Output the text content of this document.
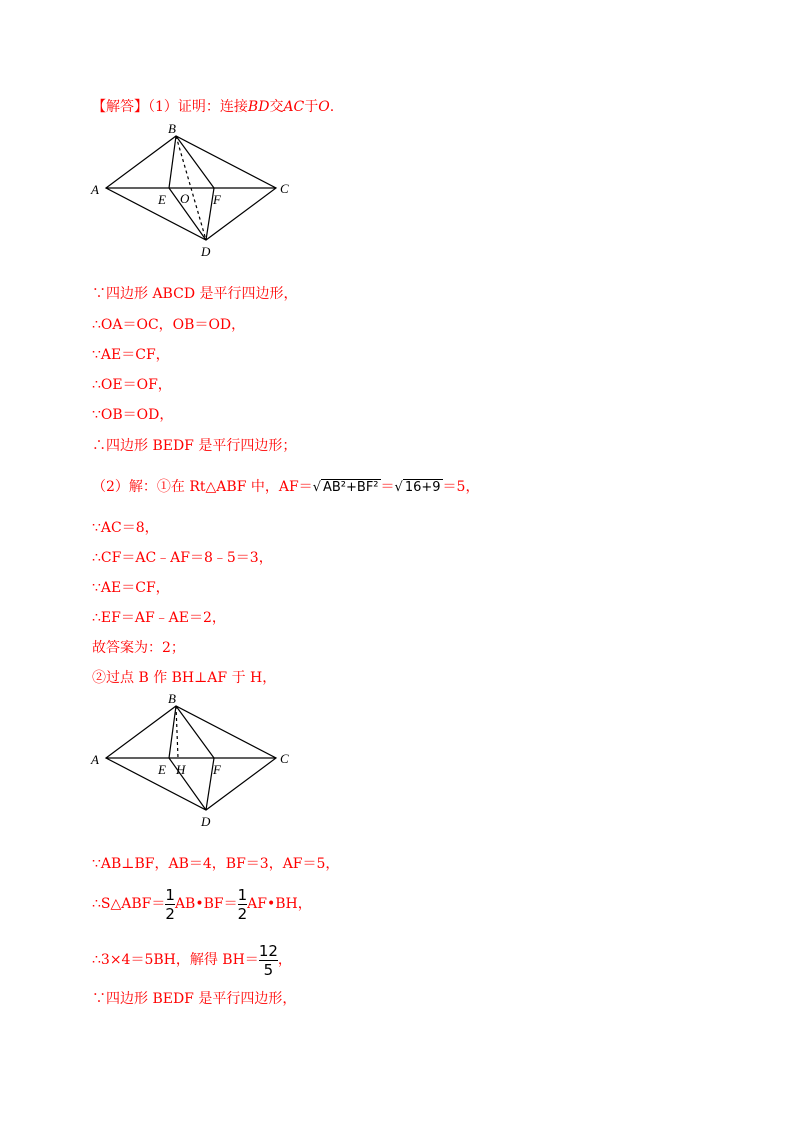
【解答】（1）证明：连接BD交AC于O.
A
B
C
D
E O F
∵四边形 ABCD 是平行四边形，
∴OA＝OC，OB＝OD，
∵AE＝CF，
∴OE＝OF，
∵OB＝OD，
∴四边形 BEDF 是平行四边形；
（2）解：①在 Rt△ABF 中，AF＝√ AB²+BF² ＝√ 16+9 ＝5，
∵AC＝8，
∴CF＝AC﹣AF＝8﹣5＝3，
∵AE＝CF，
∴EF＝AF﹣AE＝2，
故答案为：2；
②过点 B 作 BH⊥AF 于 H，
A
B
C
D
E H F
∵AB⊥BF，AB＝4，BF＝3，AF＝5，
∴S△ABF＝ $\frac{1}{2}$ AB•BF＝ $\frac{1}{2}$ AF•BH，
∴3×4＝5BH，解得 $BH= \frac{12}{5}$ ，
∵四边形 BEDF 是平行四边形，
